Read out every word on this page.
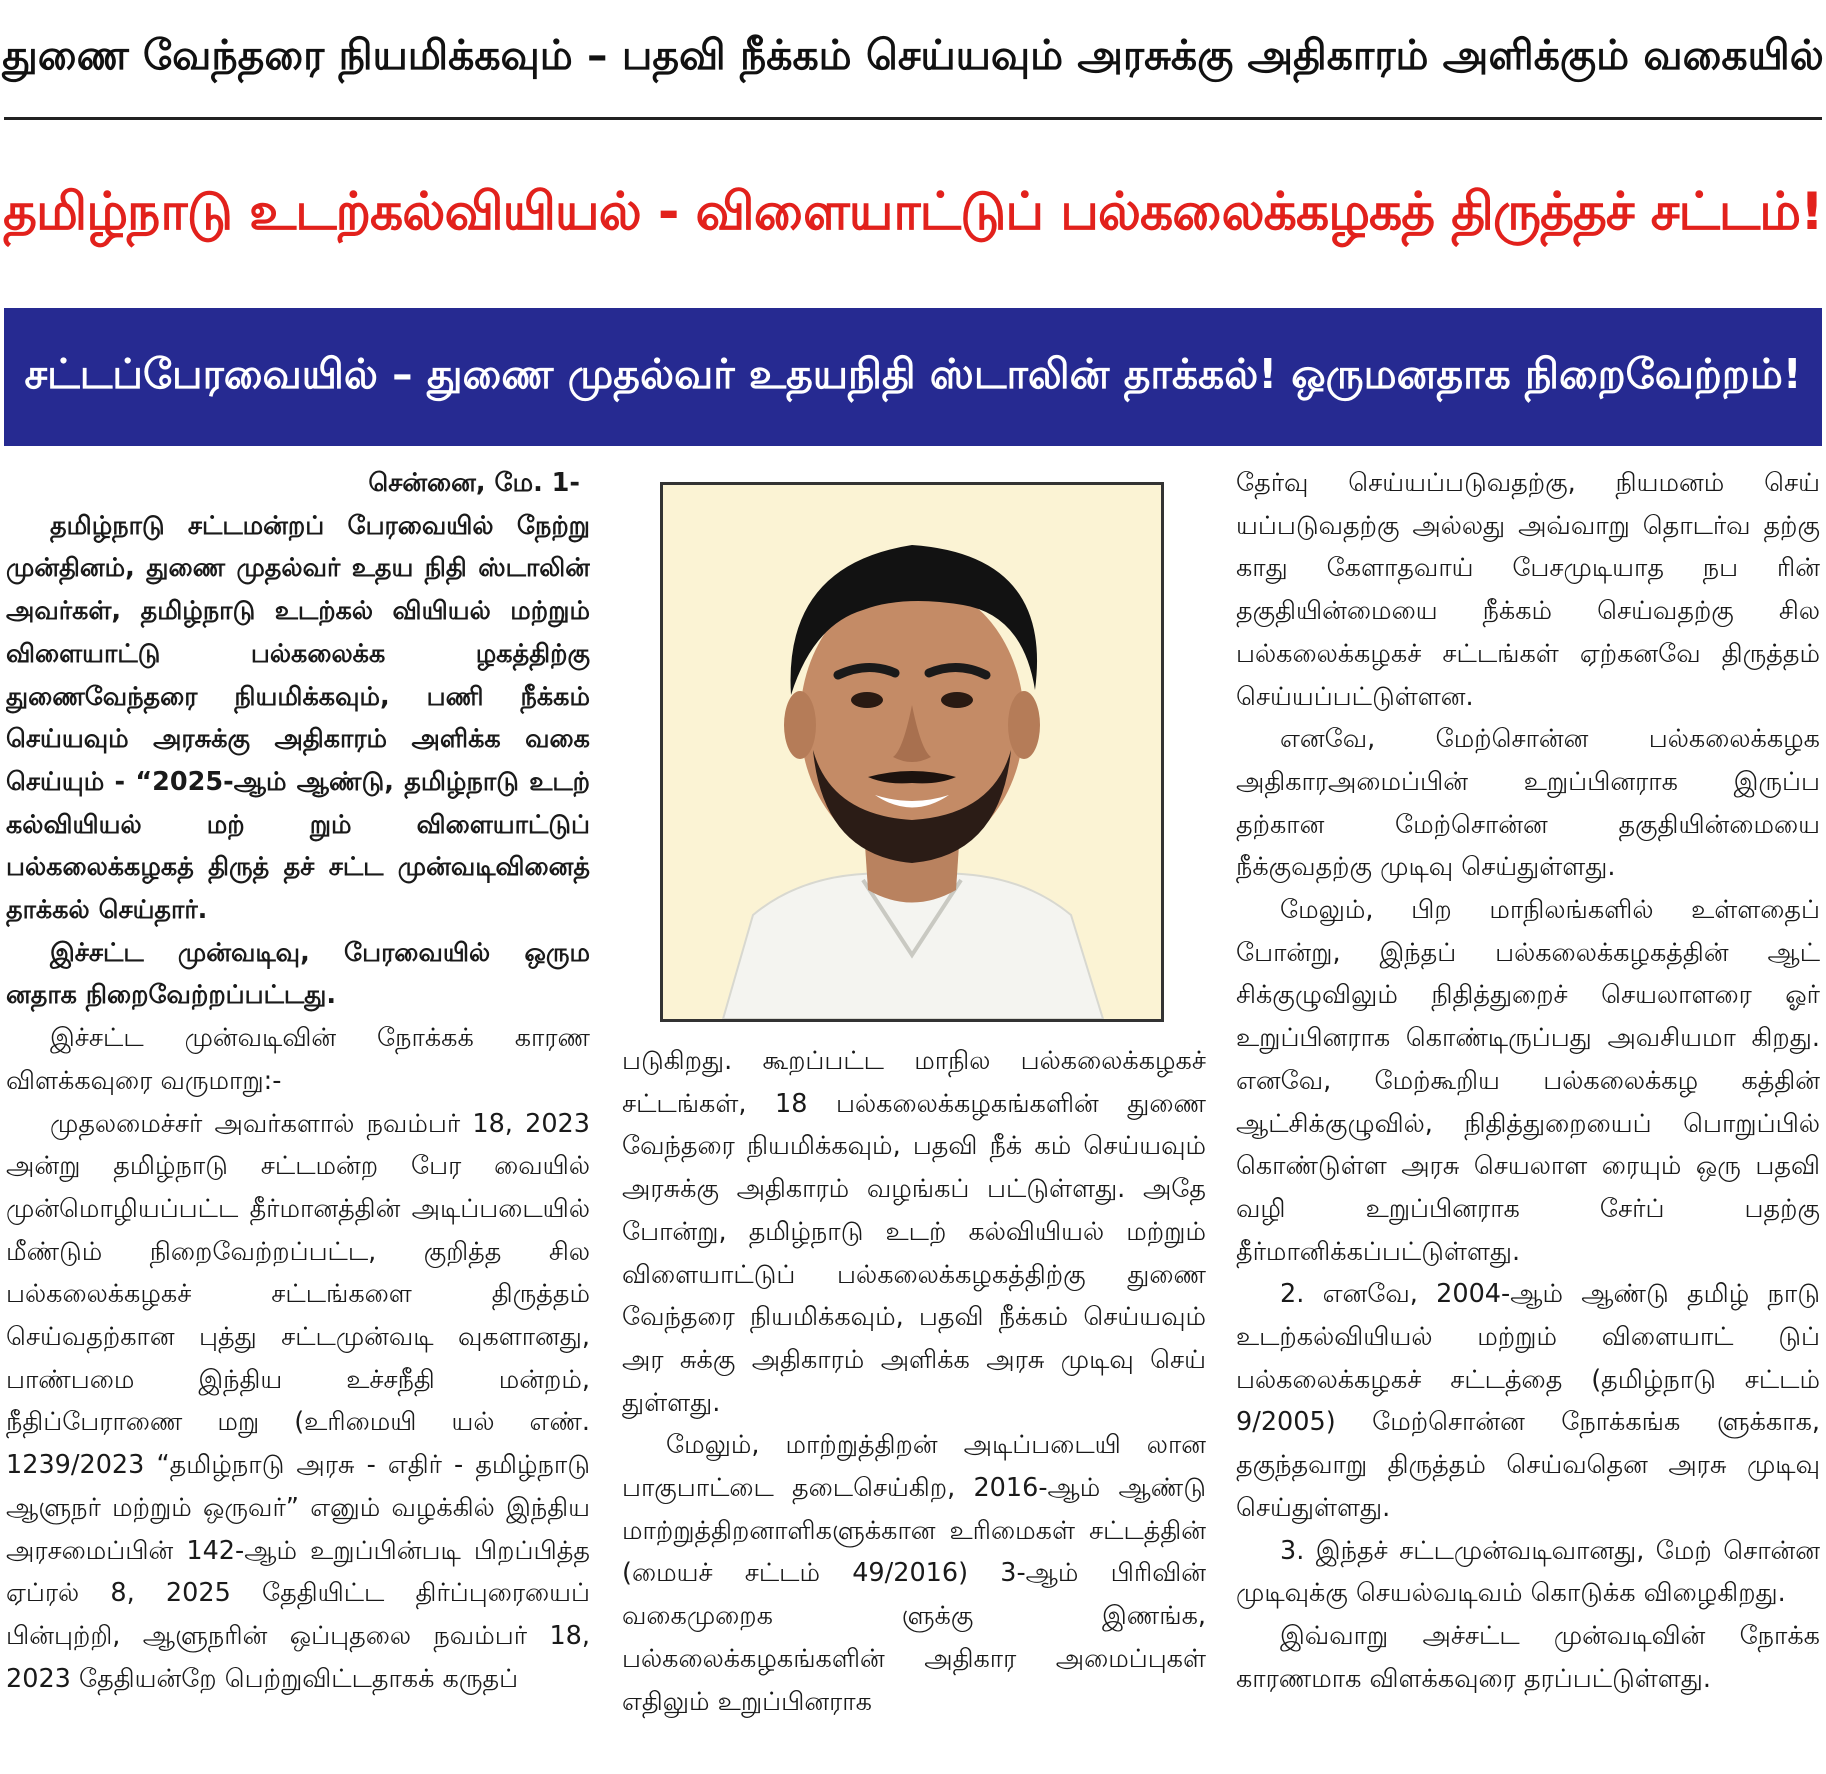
துணை வேந்தரை நியமிக்கவும் – பதவி நீக்கம் செய்யவும் அரசுக்கு அதிகாரம் அளிக்கும் வகையில்
தமிழ்நாடு உடற்கல்வியியல் - விளையாட்டுப் பல்கலைக்கழகத் திருத்தச் சட்டம்!
சட்டப்பேரவையில் – துணை முதல்வர் உதயநிதி ஸ்டாலின் தாக்கல்! ஒருமனதாக நிறைவேற்றம்!

சென்னை, மே. 1-

தமிழ்நாடு சட்டமன்றப் பேரவையில் நேற்று முன்தினம், துணை முதல்வர் உதய நிதி ஸ்டாலின் அவர்கள், தமிழ்நாடு உடற்கல் வியியல் மற்றும் விளையாட்டு பல்கலைக்க ழகத்திற்கு துணைவேந்தரை நியமிக்கவும், பணி நீக்கம் செய்யவும் அரசுக்கு அதிகாரம் அளிக்க வகை செய்யும் - “2025-ஆம் ஆண்டு, தமிழ்நாடு உடற் கல்வியியல் மற் றும் விளையாட்டுப் பல்கலைக்கழகத் திருத் தச் சட்ட முன்வடிவினைத் தாக்கல் செய்தார்.

இச்சட்ட முன்வடிவு, பேரவையில் ஒரும னதாக நிறைவேற்றப்பட்டது.

இச்சட்ட முன்வடிவின் நோக்கக் காரண விளக்கவுரை வருமாறு:-

முதலமைச்சர் அவர்களால் நவம்பர் 18, 2023 அன்று தமிழ்நாடு சட்டமன்ற பேர வையில் முன்மொழியப்பட்ட தீர்மானத்தின் அடிப்படையில் மீண்டும் நிறைவேற்றப்பட்ட, குறித்த சில பல்கலைக்கழகச் சட்டங்களை திருத்தம் செய்வதற்கான புத்து சட்டமுன்வடி வுகளானது, பாண்பமை இந்திய உச்சநீதி மன்றம், நீதிப்பேராணை மறு (உரிமையி யல் எண். 1239/2023 “தமிழ்நாடு அரசு - எதிர் - தமிழ்நாடு ஆளுநர் மற்றும் ஒருவர்” எனும் வழக்கில் இந்திய அரசமைப்பின் 142-ஆம் உறுப்பின்படி பிறப்பித்த ஏப்ரல் 8, 2025 தேதியிட்ட திர்ப்புரையைப் பின்புற்றி, ஆளுநரின் ஒப்புதலை நவம்பர் 18, 2023 தேதியன்றே பெற்றுவிட்டதாகக் கருதப்

படுகிறது. கூறப்பட்ட மாநில பல்கலைக்கழகச் சட்டங்கள், 18 பல்கலைக்கழகங்களின் துணை வேந்தரை நியமிக்கவும், பதவி நீக் கம் செய்யவும் அரசுக்கு அதிகாரம் வழங்கப் பட்டுள்ளது. அதே போன்று, தமிழ்நாடு உடற் கல்வியியல் மற்றும் விளையாட்டுப் பல்கலைக்கழகத்திற்கு துணை வேந்தரை நியமிக்கவும், பதவி நீக்கம் செய்யவும் அர சுக்கு அதிகாரம் அளிக்க அரசு முடிவு செய் துள்ளது.

மேலும், மாற்றுத்திறன் அடிப்படையி லான பாகுபாட்டை தடைசெய்கிற, 2016-ஆம் ஆண்டு மாற்றுத்திறனாளிகளுக்கான உரிமைகள் சட்டத்தின் (மையச் சட்டம் 49/2016) 3-ஆம் பிரிவின் வகைமுறைக ளுக்கு இணங்க, பல்கலைக்கழகங்களின் அதிகார அமைப்புகள் எதிலும் உறுப்பினராக

தேர்வு செய்யப்படுவதற்கு, நியமனம் செய் யப்படுவதற்கு அல்லது அவ்வாறு தொடர்வ தற்கு காது கேளாதவாய் பேசமுடியாத நப ரின் தகுதியின்மையை நீக்கம் செய்வதற்கு சில பல்கலைக்கழகச் சட்டங்கள் ஏற்கனவே திருத்தம் செய்யப்பட்டுள்ளன.

எனவே, மேற்சொன்ன பல்கலைக்கழக அதிகாரஅமைப்பின் உறுப்பினராக இருப்ப தற்கான மேற்சொன்ன தகுதியின்மையை நீக்குவதற்கு முடிவு செய்துள்ளது.

மேலும், பிற மாநிலங்களில் உள்ளதைப் போன்று, இந்தப் பல்கலைக்கழகத்தின் ஆட் சிக்குழுவிலும் நிதித்துறைச் செயலாளரை ஓர் உறுப்பினராக கொண்டிருப்பது அவசியமா கிறது. எனவே, மேற்கூறிய பல்கலைக்கழ கத்தின் ஆட்சிக்குழுவில், நிதித்துறையைப் பொறுப்பில் கொண்டுள்ள அரசு செயலாள ரையும் ஒரு பதவி வழி உறுப்பினராக சேர்ப் பதற்கு தீர்மானிக்கப்பட்டுள்ளது.

2. எனவே, 2004-ஆம் ஆண்டு தமிழ் நாடு உடற்கல்வியியல் மற்றும் விளையாட் டுப் பல்கலைக்கழகச் சட்டத்தை (தமிழ்நாடு சட்டம் 9/2005) மேற்சொன்ன நோக்கங்க ளுக்காக, தகுந்தவாறு திருத்தம் செய்வதென அரசு முடிவு செய்துள்ளது.

3. இந்தச் சட்டமுன்வடிவானது, மேற் சொன்ன முடிவுக்கு செயல்வடிவம் கொடுக்க விழைகிறது.

இவ்வாறு அச்சட்ட முன்வடிவின் நோக்க காரணமாக விளக்கவுரை தரப்பட்டுள்ளது.
